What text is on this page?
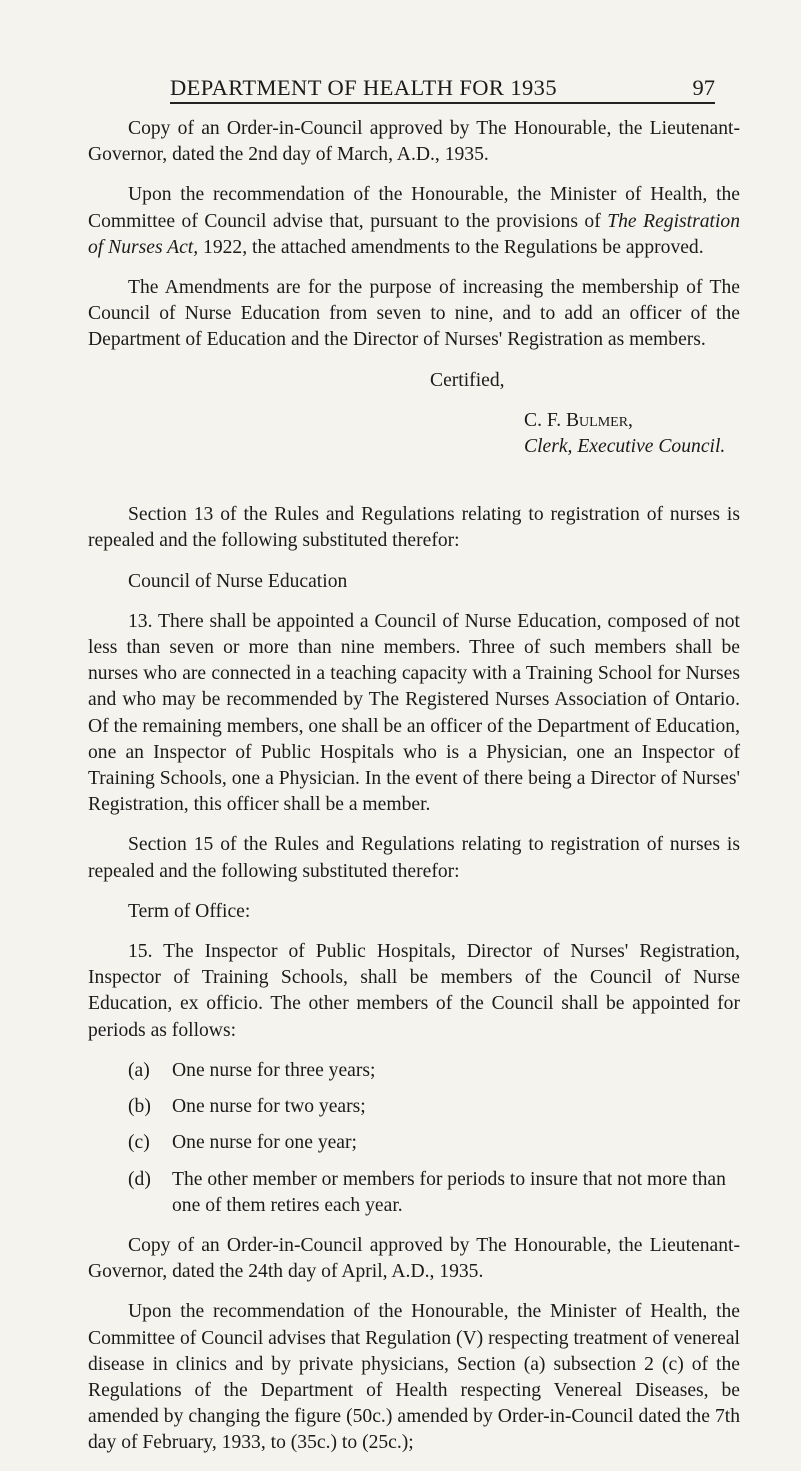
DEPARTMENT OF HEALTH FOR 1935	97

Copy of an Order-in-Council approved by The Honourable, the Lieutenant-Governor, dated the 2nd day of March, A.D., 1935.

Upon the recommendation of the Honourable, the Minister of Health, the Committee of Council advise that, pursuant to the provisions of The Registration of Nurses Act, 1922, the attached amendments to the Regulations be approved.

The Amendments are for the purpose of increasing the membership of The Council of Nurse Education from seven to nine, and to add an officer of the Department of Education and the Director of Nurses' Registration as members.

Certified,
C. F. Bulmer,
Clerk, Executive Council.

Section 13 of the Rules and Regulations relating to registration of nurses is repealed and the following substituted therefor:

Council of Nurse Education

13. There shall be appointed a Council of Nurse Education, composed of not less than seven or more than nine members. Three of such members shall be nurses who are connected in a teaching capacity with a Training School for Nurses and who may be recommended by The Registered Nurses Association of Ontario. Of the remaining members, one shall be an officer of the Department of Education, one an Inspector of Public Hospitals who is a Physician, one an Inspector of Training Schools, one a Physician. In the event of there being a Director of Nurses' Registration, this officer shall be a member.

Section 15 of the Rules and Regulations relating to registration of nurses is repealed and the following substituted therefor:

Term of Office:

15. The Inspector of Public Hospitals, Director of Nurses' Registration, Inspector of Training Schools, shall be members of the Council of Nurse Education, ex officio. The other members of the Council shall be appointed for periods as follows:

(a) One nurse for three years;
(b) One nurse for two years;
(c) One nurse for one year;
(d) The other member or members for periods to insure that not more than one of them retires each year.

Copy of an Order-in-Council approved by The Honourable, the Lieutenant-Governor, dated the 24th day of April, A.D., 1935.

Upon the recommendation of the Honourable, the Minister of Health, the Committee of Council advises that Regulation (V) respecting treatment of venereal disease in clinics and by private physicians, Section (a) subsection 2 (c) of the Regulations of the Department of Health respecting Venereal Diseases, be amended by changing the figure (50c.) amended by Order-in-Council dated the 7th day of February, 1933, to (35c.) to (25c.);
